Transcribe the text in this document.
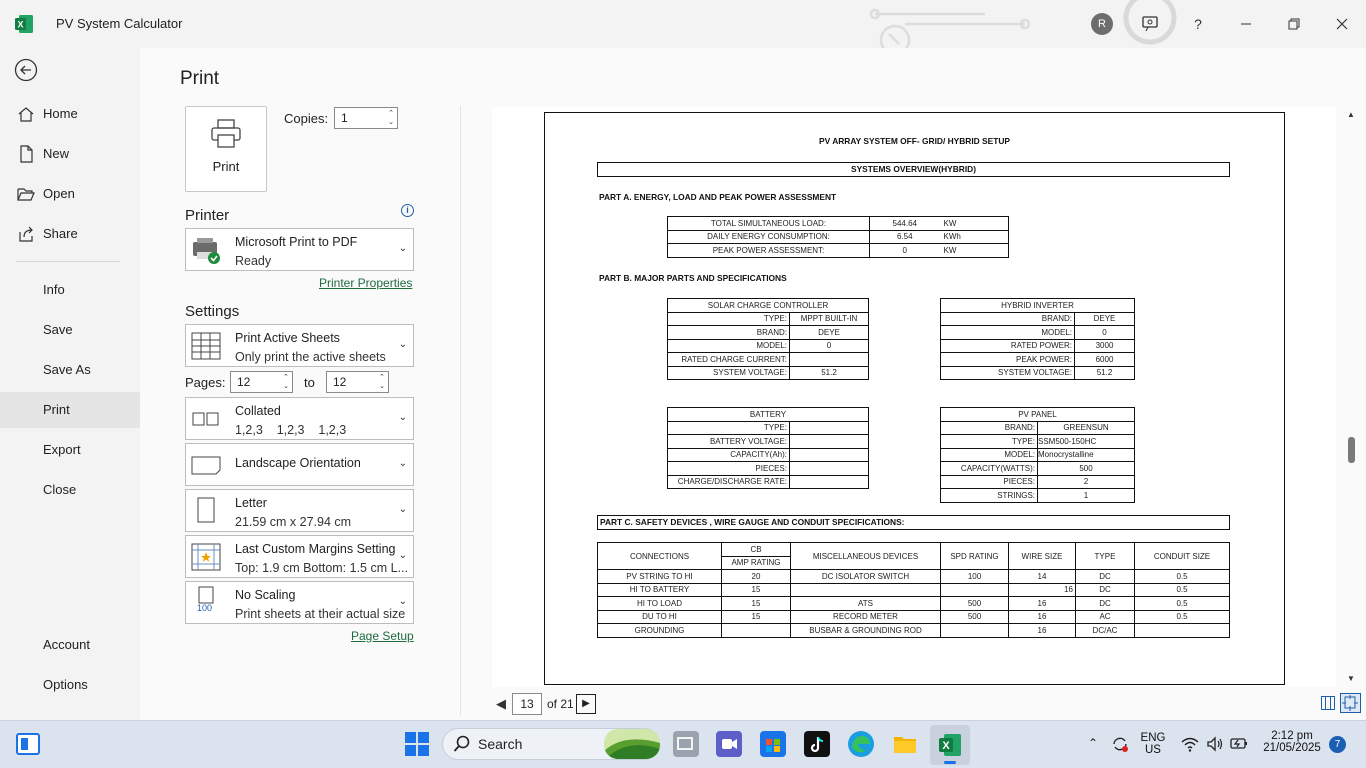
X PV System Calculator	R	?
Home
New
Open
Share
Info
Save
Save As
Print
Export
Close
Account
Options
Print
Print
Copies:	1	⌃
⌄
Printer	i
Microsoft Print to PDF
Ready
⌄
Printer Properties
Settings
Print Active Sheets
Only print the active sheets
⌄
Pages: 12	⌃
⌄ to	12	⌃
⌄
Collated
1,2,3    1,2,3    1,2,3
⌄
Landscape Orientation	⌄
Letter
21.59 cm x 27.94 cm
⌄
Last Custom Margins Setting
Top: 1.9 cm Bottom: 1.5 cm L...
⌄
100
No Scaling
Print sheets at their actual size
⌄
Page Setup
PV ARRAY SYSTEM OFF- GRID/ HYBRID SETUP
SYSTEMS OVERVIEW(HYBRID)
PART A. ENERGY, LOAD AND PEAK POWER ASSESSMENT
TOTAL SIMULTANEOUS LOAD:	544.64	KW
DAILY ENERGY CONSUMPTION:	6.54	KWh
PEAK POWER ASSESSMENT:	0	KW
PART B. MAJOR PARTS AND SPECIFICATIONS
SOLAR CHARGE CONTROLLER	
TYPE:	MPPT BUILT-IN
BRAND:	DEYE
MODEL:	0
RATED CHARGE CURRENT:	
SYSTEM VOLTAGE:	51.2
HYBRID INVERTER	
BRAND:	DEYE
MODEL:	0
RATED POWER:	3000
PEAK POWER:	6000
SYSTEM VOLTAGE:	51.2
BATTERY	
TYPE:	
BATTERY VOLTAGE:	
CAPACITY(Ah):	
PIECES:	
CHARGE/DISCHARGE RATE:	
PV PANEL	
BRAND:	GREENSUN
TYPE:	SSM500-150HC
MODEL:	Monocrystalline
CAPACITY(WATTS):	500
PIECES:	2
STRINGS:	1
PART C. SAFETY DEVICES , WIRE GAUGE AND CONDUIT SPECIFICATIONS:
CONNECTIONS	CB	MISCELLANEOUS DEVICES	SPD RATING	WIRE SIZE	TYPE	CONDUIT SIZE
	AMP RATING					
PV STRING TO HI	20	DC ISOLATOR SWITCH	100	14	DC	0.5
HI TO BATTERY	15			16	DC	0.5
HI TO LOAD	15	ATS	500	16	DC	0.5
DU TO HI	15	RECORD METER	500	16	AC	0.5
GROUNDING		BUSBAR & GROUNDING ROD		16	DC/AC	
▲
▼
◀	13	of 21 ▶
Search	X	⌃	ENG
US
2:12 pm
21/05/2025	7
